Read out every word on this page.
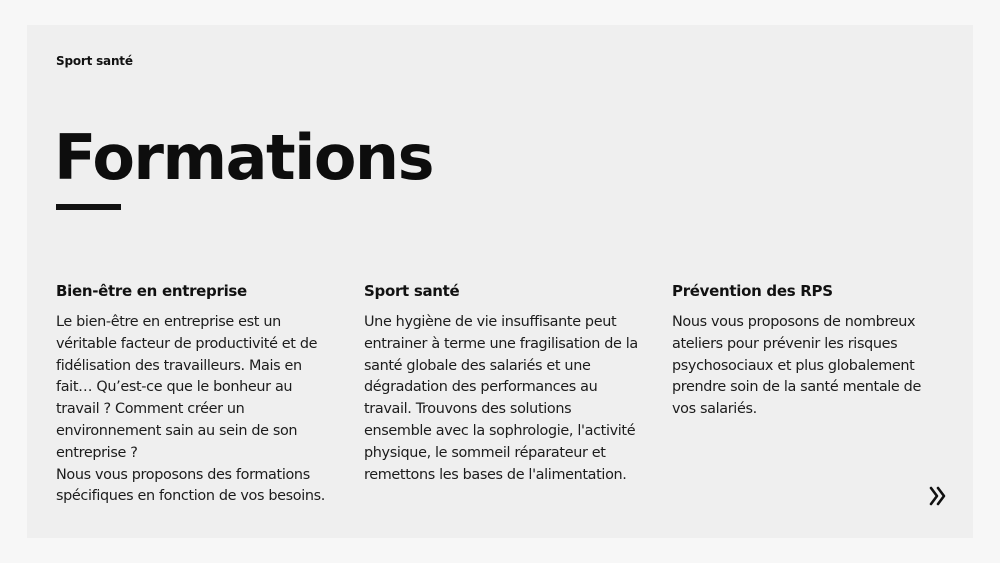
Sport santé
Formations
Bien-être en entreprise

Le bien-être en entreprise est un véritable facteur de productivité et de fidélisation des travailleurs. Mais en fait… Qu’est-ce que le bonheur au travail ? Comment créer un environnement sain au sein de son entreprise ?
Nous vous proposons des formations spécifiques en fonction de vos besoins.

Sport santé

Une hygiène de vie insuffisante peut entrainer à terme une fragilisation de la santé globale des salariés et une dégradation des performances au travail. Trouvons des solutions ensemble avec la sophrologie, l'activité physique, le sommeil réparateur et remettons les bases de l'alimentation.

Prévention des RPS

Nous vous proposons de nombreux ateliers pour prévenir les risques psychosociaux et plus globalement prendre soin de la santé mentale de vos salariés.
